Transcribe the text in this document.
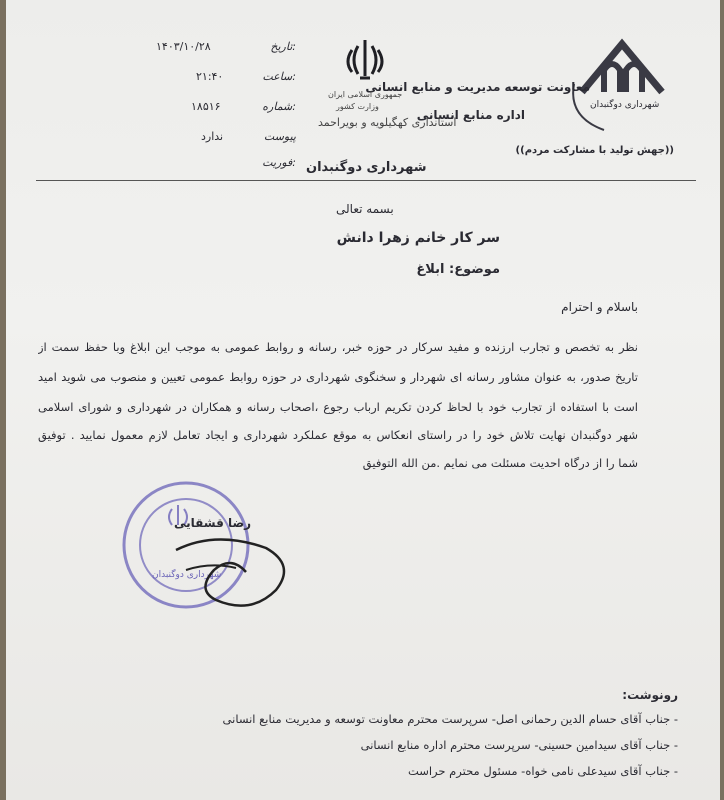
شهرداری دوگنبدان
معاونت توسعه مدیریت و منابع انسانی
اداره منابع انسانی
((جهش تولید با مشارکت مردم))
جمهوری اسلامی ایران
وزارت کشور
استانداری کهگیلویه و بویراحمد
شهرداری دوگنبدان
۱۴۰۳/۱۰/۲۸	تاریخ:
۲۱:۴۰	ساعت:
۱۸۵۱۶	شماره:
ندارد	پیوست
فوریت:
بسمه تعالی
سر کار خانم زهرا دانش
موضوع: ابلاغ
باسلام و احترام
نظر به تخصص و تجارب ارزنده و مفید سرکار در حوزه خبر، رسانه و روابط عمومی به موجب این ابلاغ وبا حفظ سمت از
تاریخ صدور، به عنوان مشاور رسانه ای شهردار و سخنگوی شهرداری در حوزه روابط عمومی تعیین و منصوب می شوید امید
است با استفاده از تجارب خود با لحاظ کردن تکریم ارباب رجوع ،اصحاب رسانه و همکاران در شهرداری و شورای اسلامی
شهر دوگنبدان نهایت تلاش خود را در راستای انعکاس به موقع عملکرد شهرداری و ایجاد تعامل لازم معمول نمایید . توفیق
شما را از درگاه احدیت مسئلت می نمایم .من الله التوفیق
شهرداری دوگنبدان
رضا قشقایی
رونوشت:
- جناب آقای حسام الدین رحمانی اصل- سرپرست محترم معاونت توسعه و مدیریت منابع انسانی
- جناب آقای سیدامین حسینی- سرپرست محترم اداره منابع انسانی
- جناب آقای سیدعلی نامی خواه- مسئول محترم حراست
